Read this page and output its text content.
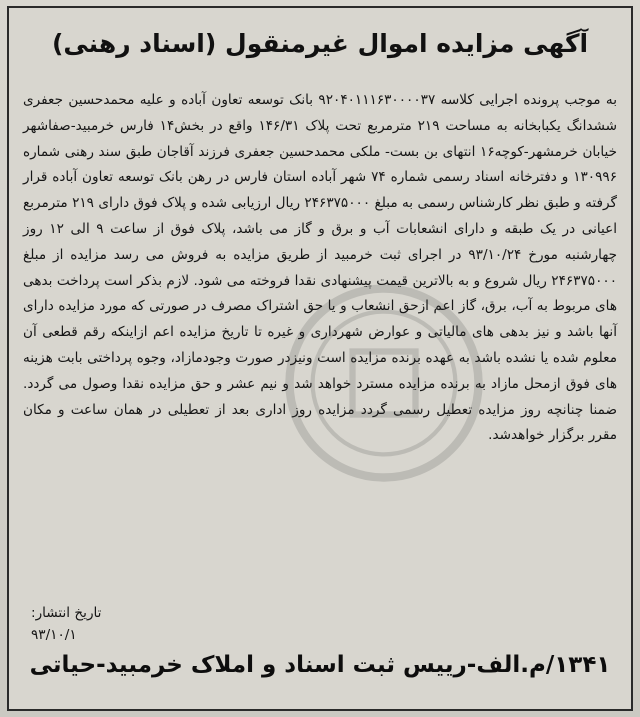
آگهی مزایده اموال غیرمنقول (اسناد رهنی)
به موجب پرونده اجرایی کلاسه ۹۲۰۴۰۱۱۱۶۳۰۰۰۰۳۷ بانک توسعه تعاون آباده و علیه محمدحسین جعفری ششدانگ یکبابخانه به مساحت ۲۱۹ مترمربع تحت پلاک ۱۴۶/۳۱ واقع در بخش۱۴ فارس خرمبید-صفاشهر خیابان خرمشهر-کوچه۱۶ انتهای بن بست- ملکی محمدحسین جعفری فرزند آقاجان طبق سند رهنی شماره ۱۳۰۹۹۶ و دفترخانه اسناد رسمی شماره ۷۴ شهر آباده استان فارس در رهن بانک توسعه تعاون آباده قرار گرفته و طبق نظر کارشناس رسمی به مبلغ ۲۴۶۳۷۵۰۰۰ ریال ارزیابی شده و پلاک فوق دارای ۲۱۹ مترمربع اعیانی در یک طبقه و دارای انشعابات آب و برق و گاز می باشد، پلاک فوق از ساعت ۹ الی ۱۲ روز چهارشنبه مورخ ۹۳/۱۰/۲۴ در اجرای ثبت خرمبید از طریق مزایده به فروش می رسد مزایده از مبلغ ۲۴۶۳۷۵۰۰۰ ریال شروع و به بالاترین قیمت پیشنهادی نقدا فروخته می شود. لازم بذکر است پرداخت بدهی های مربوط به آب، برق، گاز اعم ازحق انشعاب و یا حق اشتراک مصرف در صورتی که مورد مزایده دارای آنها باشد و نیز بدهی های مالیاتی و عوارض شهرداری و غیره تا تاریخ مزایده اعم ازاینکه رقم قطعی آن معلوم شده یا نشده باشد به عهده برنده مزایده است ونیزدر صورت وجودمازاد، وجوه پرداختی بابت هزینه های فوق ازمحل مازاد به برنده مزایده مسترد خواهد شد و نیم عشر و حق مزایده نقدا وصول می گردد. ضمنا چنانچه روز مزایده تعطیل رسمی گردد مزایده روز اداری بعد از تعطیلی در همان ساعت و مکان مقرر برگزار خواهدشد.
تاریخ انتشار:
۹۳/۱۰/۱
۱۳۴۱/م.الف-رییس ثبت اسناد و املاک خرمبید-حیاتی
